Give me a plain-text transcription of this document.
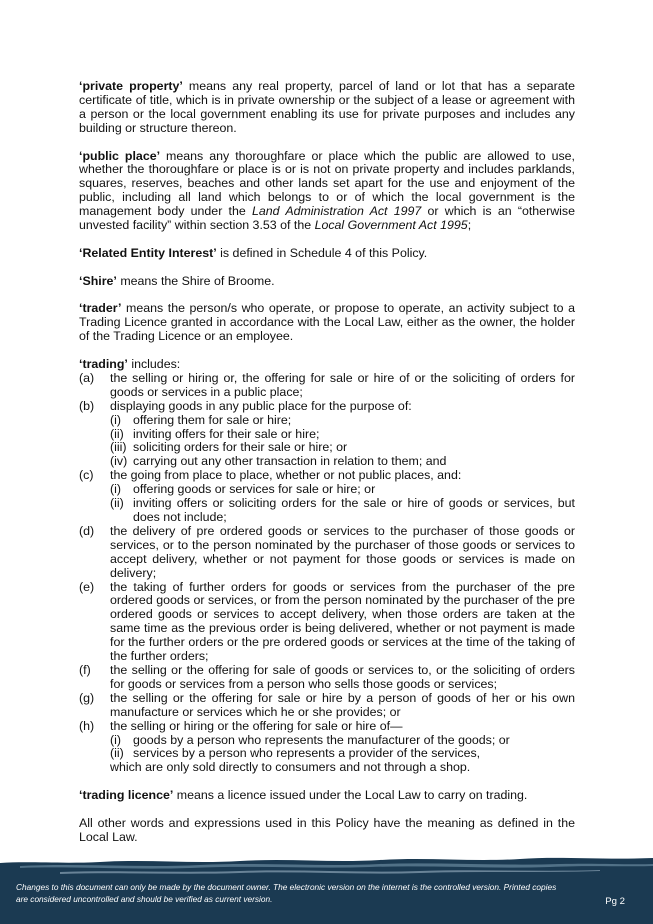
‘private property’ means any real property, parcel of land or lot that has a separate certificate of title, which is in private ownership or the subject of a lease or agreement with a person or the local government enabling its use for private purposes and includes any building or structure thereon.

‘public place’ means any thoroughfare or place which the public are allowed to use, whether the thoroughfare or place is or is not on private property and includes parklands, squares, reserves, beaches and other lands set apart for the use and enjoyment of the public, including all land which belongs to or of which the local government is the management body under the Land Administration Act 1997 or which is an “otherwise unvested facility” within section 3.53 of the Local Government Act 1995;

‘Related Entity Interest’ is defined in Schedule 4 of this Policy.

‘Shire’ means the Shire of Broome.

‘trader’ means the person/s who operate, or propose to operate, an activity subject to a Trading Licence granted in accordance with the Local Law, either as the owner, the holder of the Trading Licence or an employee.

‘trading’ includes:
(a)	the selling or hiring or, the offering for sale or hire of or the soliciting of orders for goods or services in a public place;
(b)	displaying goods in any public place for the purpose of:
(i) offering them for sale or hire;
(ii) inviting offers for their sale or hire;
(iii) soliciting orders for their sale or hire; or
(iv) carrying out any other transaction in relation to them; and
(c)	the going from place to place, whether or not public places, and:
(i) offering goods or services for sale or hire; or
(ii) inviting offers or soliciting orders for the sale or hire of goods or services, but does not include;
(d)	the delivery of pre ordered goods or services to the purchaser of those goods or services, or to the person nominated by the purchaser of those goods or services to accept delivery, whether or not payment for those goods or services is made on delivery;
(e)	the taking of further orders for goods or services from the purchaser of the pre ordered goods or services, or from the person nominated by the purchaser of the pre ordered goods or services to accept delivery, when those orders are taken at the same time as the previous order is being delivered, whether or not payment is made for the further orders or the pre ordered goods or services at the time of the taking of the further orders;
(f)	the selling or the offering for sale of goods or services to, or the soliciting of orders for goods or services from a person who sells those goods or services;
(g)	the selling or the offering for sale or hire by a person of goods of her or his own manufacture or services which he or she provides; or
(h)	the selling or hiring or the offering for sale or hire of—
(i) goods by a person who represents the manufacturer of the goods; or
(ii) services by a person who represents a provider of the services,
which are only sold directly to consumers and not through a shop.

‘trading licence’ means a licence issued under the Local Law to carry on trading.

All other words and expressions used in this Policy have the meaning as defined in the Local Law.

Changes to this document can only be made by the document owner. The electronic version on the internet is the controlled version. Printed copies
are considered uncontrolled and should be verified as current version.	Pg 2
